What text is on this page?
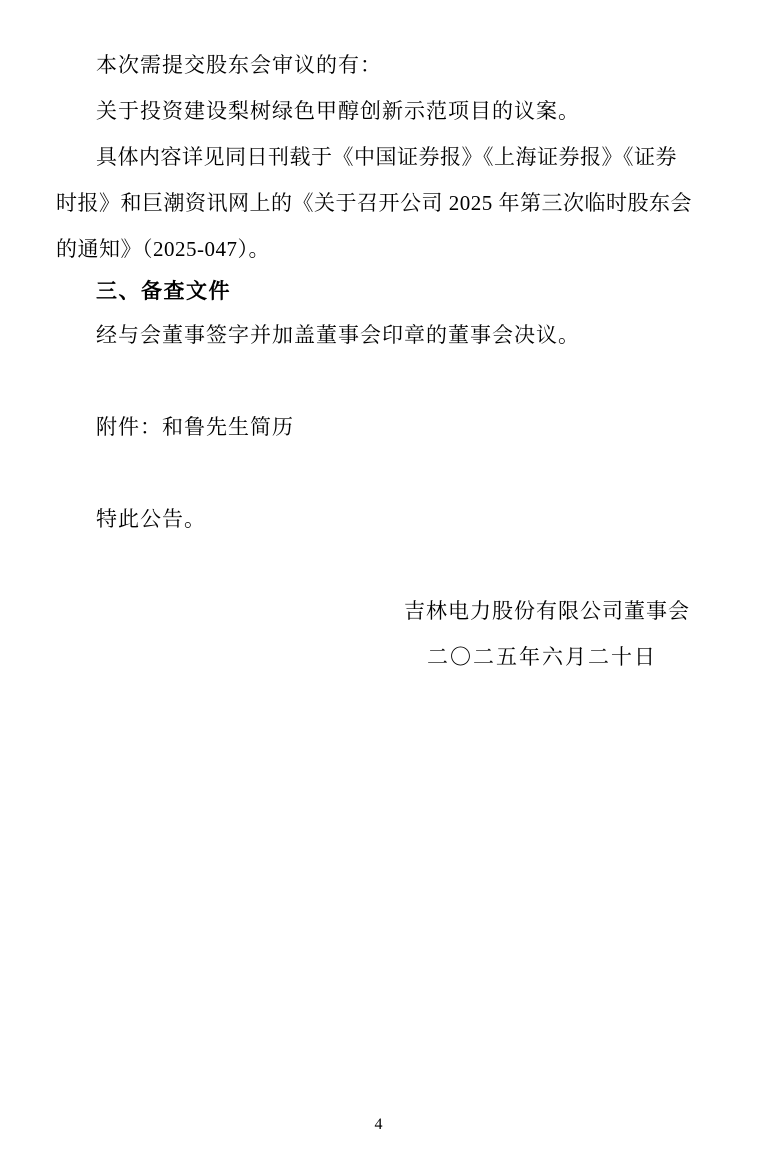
本次需提交股东会审议的有：
关于投资建设梨树绿色甲醇创新示范项目的议案。
具体内容详见同日刊载于《中国证券报》《上海证券报》《证券
时报》和巨潮资讯网上的《关于召开公司 2025 年第三次临时股东会
的通知》（2025-047）。
三、备查文件
经与会董事签字并加盖董事会印章的董事会决议。
附件：和鲁先生简历
特此公告。
吉林电力股份有限公司董事会
二〇二五年六月二十日
4
